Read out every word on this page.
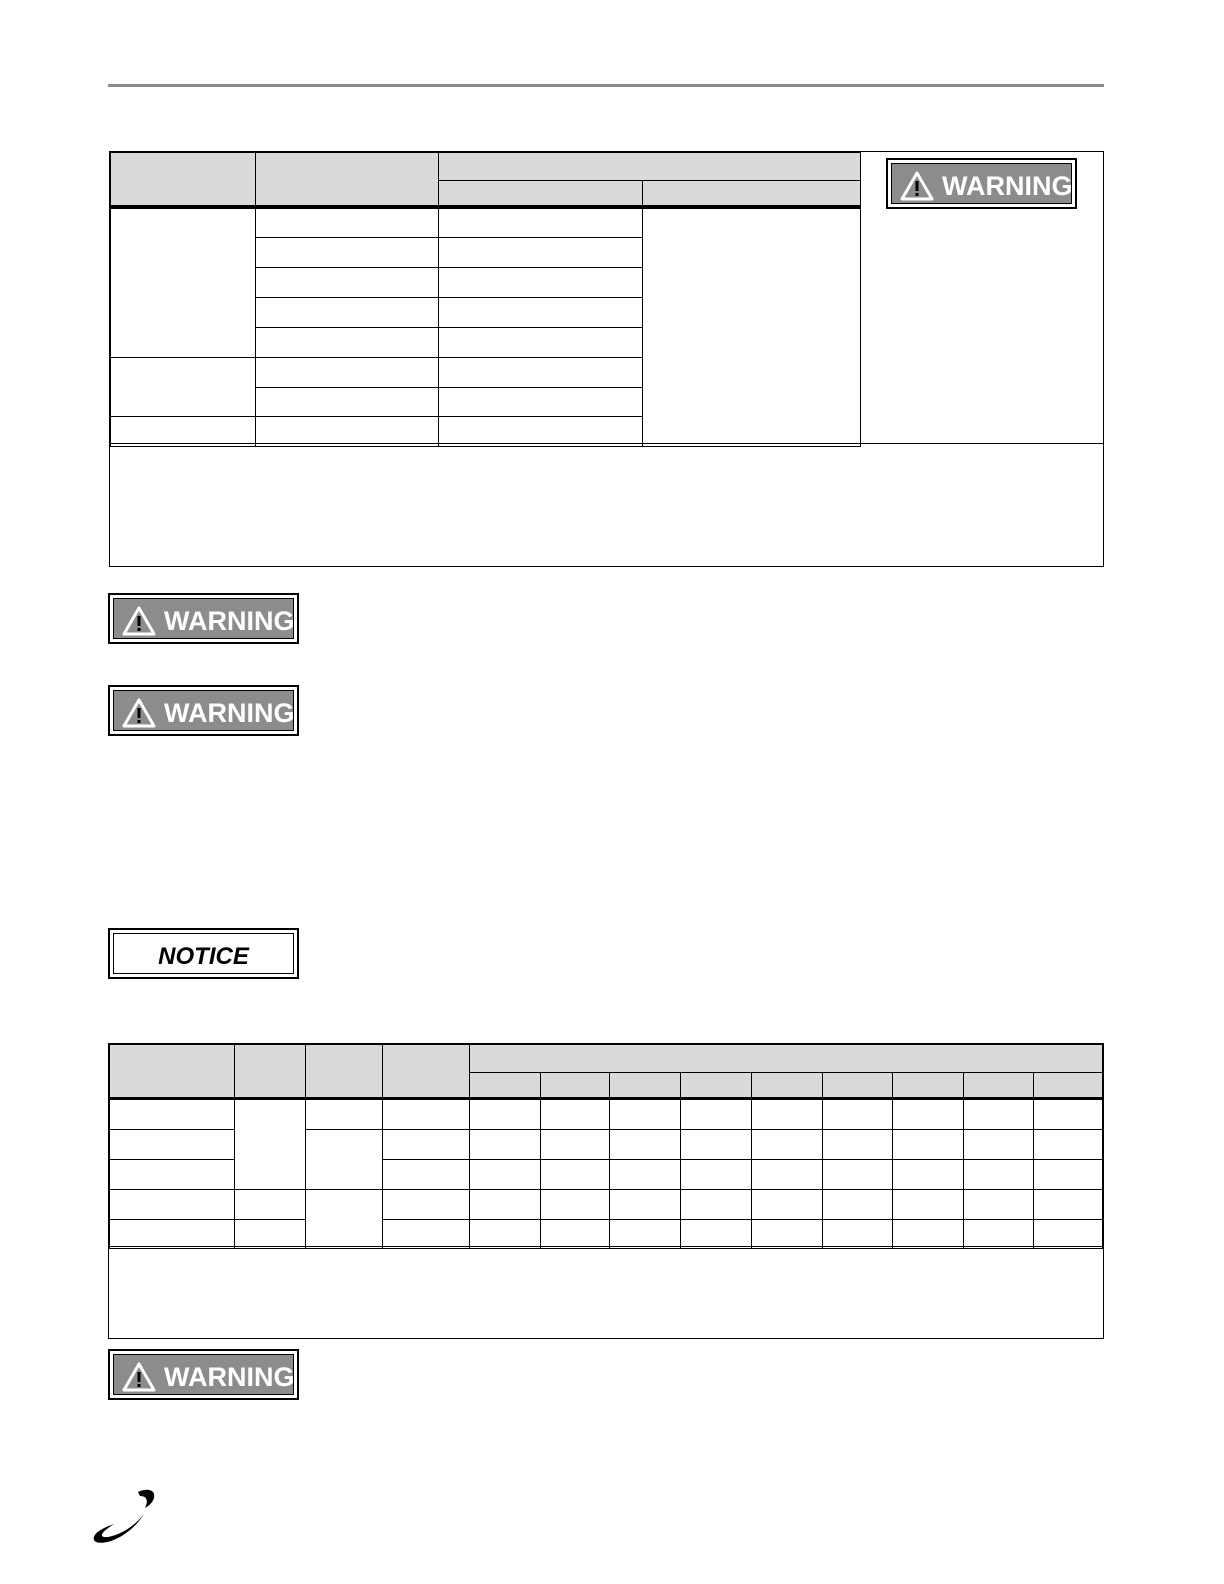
WARNING
WARNING
WARNING
NOTICE

WARNING
